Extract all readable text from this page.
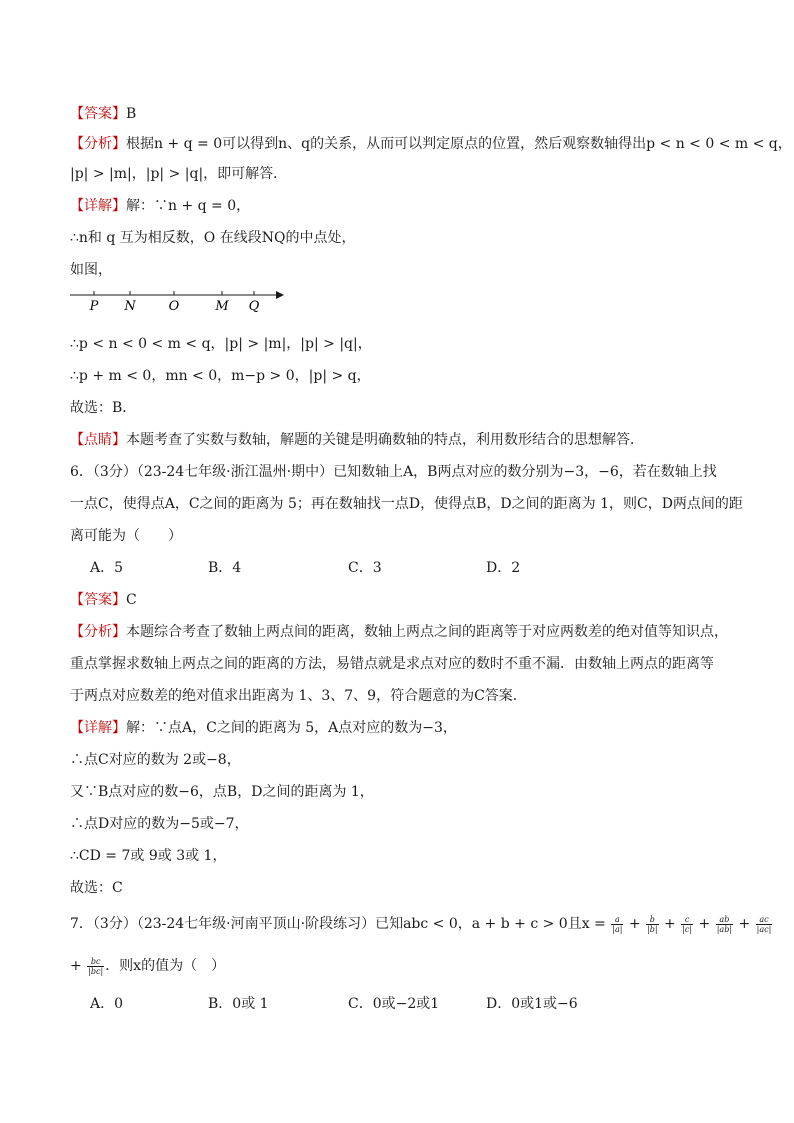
【答案】B
【分析】根据n + q = 0可以得到n、q的关系，从而可以判定原点的位置，然后观察数轴得出p < n < 0 < m < q，
|p| > |m|，|p| > |q|，即可解答．
【详解】解：∵n + q = 0，
∴n和 q 互为相反数，O 在线段NQ的中点处，
如图，
P N	O	M Q
∴p < n < 0 < m < q，|p| > |m|，|p| > |q|，
∴p + m < 0，mn < 0，m−p > 0，|p| > q，
故选：B．
【点睛】本题考查了实数与数轴，解题的关键是明确数轴的特点，利用数形结合的思想解答．
6．（3分）（23-24七年级·浙江温州·期中）已知数轴上A，B两点对应的数分别为−3，−6，若在数轴上找
一点C，使得点A，C之间的距离为 5；再在数轴找一点D，使得点B，D之间的距离为 1，则C，D两点间的距
离可能为（　　）
A．5	B．4	C．3	D．2
【答案】C
【分析】本题综合考查了数轴上两点间的距离，数轴上两点之间的距离等于对应两数差的绝对值等知识点，
重点掌握求数轴上两点之间的距离的方法，易错点就是求点对应的数时不重不漏．由数轴上两点的距离等
于两点对应数差的绝对值求出距离为 1、3、7、9，符合题意的为C答案．
【详解】解：∵点A，C之间的距离为 5，A点对应的数为−3，
∴点C对应的数为 2或−8，
又∵B点对应的数−6，点B，D之间的距离为 1，
∴点D对应的数为−5或−7，
∴CD = 7或 9或 3或 1，
故选：C
7．（3分）（23-24七年级·河南平顶山·阶段练习）已知abc < 0，a + b + c > 0且$x = \frac{a}{|a|} + \frac{b}{|b|} + \frac{c}{|c|} + \frac{ab}{|ab|} + \frac{ac}{|ac|}$
+ $\frac{bc}{|bc|}$ ．则x的值为（　）
A．0	B．0或 1	C．0或−2或1	D．0或1或−6
